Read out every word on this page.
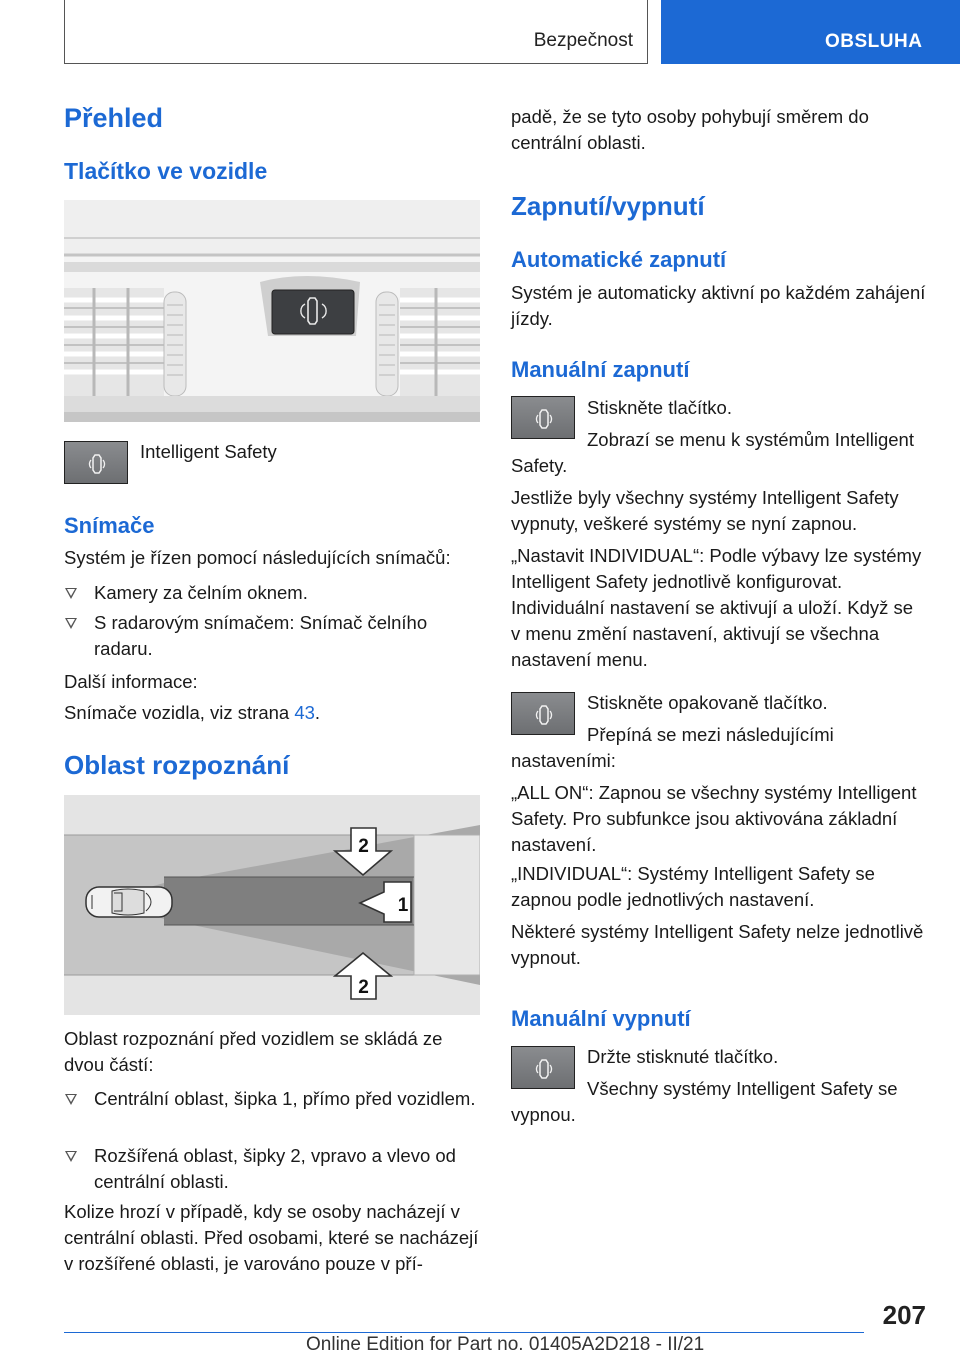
Bezpečnost	OBSLUHA
Přehled
Tlačítko ve vozidle
Intelligent Safety
Snímače
Systém je řízen pomocí následujících snímačů:
Kamery za čelním oknem.
S radarovým snímačem: Snímač čelního radaru.
Další informace:
Snímače vozidla, viz strana 43.
Oblast rozpoznání
2
1
2
Oblast rozpoznání před vozidlem se skládá ze dvou částí:
Centrální oblast, šipka 1, přímo před vozidlem.
Rozšířená oblast, šipky 2, vpravo a vlevo od centrální oblasti.
Kolize hrozí v případě, kdy se osoby nacházejí v centrální oblasti. Před osobami, které se nacházejí v rozšířené oblasti, je varováno pouze v pří-
padě, že se tyto osoby pohybují směrem do centrální oblasti.
Zapnutí/vypnutí
Automatické zapnutí
Systém je automaticky aktivní po každém zahájení jízdy.
Manuální zapnutí
Stiskněte tlačítko.
Zobrazí se menu k systémům Intelligent Safety.
Jestliže byly všechny systémy Intelligent Safety vypnuty, veškeré systémy se nyní zapnou.
„Nastavit INDIVIDUAL“: Podle výbavy lze systémy Intelligent Safety jednotlivě konfigurovat. Individuální nastavení se aktivují a uloží. Když se v menu změní nastavení, aktivují se všechna nastavení menu.
Stiskněte opakovaně tlačítko.
Přepíná se mezi následujícími nastaveními:
„ALL ON“: Zapnou se všechny systémy Intelligent Safety. Pro subfunkce jsou aktivována základní nastavení.
„INDIVIDUAL“: Systémy Intelligent Safety se zapnou podle jednotlivých nastavení.
Některé systémy Intelligent Safety nelze jednotlivě vypnout.
Manuální vypnutí
Držte stisknuté tlačítko.
Všechny systémy Intelligent Safety se vypnou.
207
Online Edition for Part no. 01405A2D218 - II/21
